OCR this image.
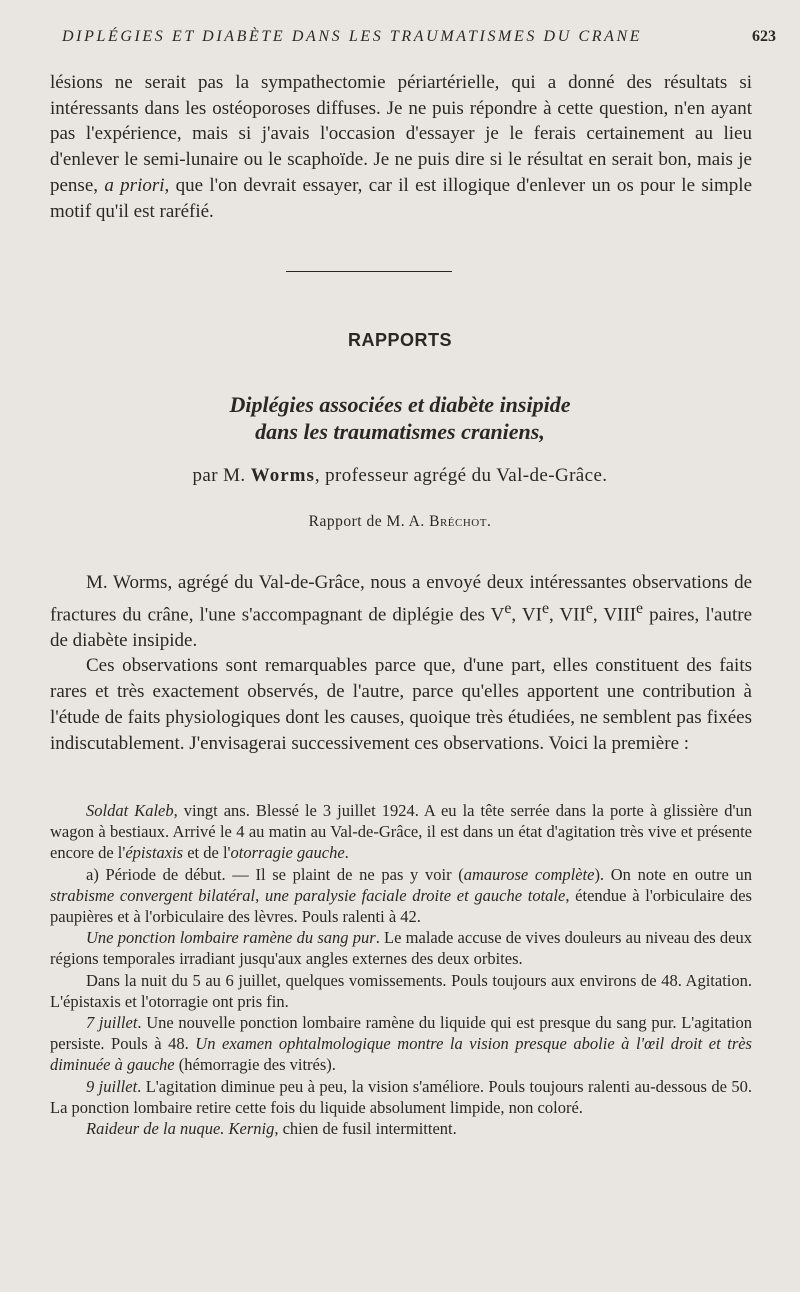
DIPLÉGIES ET DIABÈTE DANS LES TRAUMATISMES DU CRANE	623

lésions ne serait pas la sympathectomie périartérielle, qui a donné des résultats si intéressants dans les ostéoporoses diffuses. Je ne puis répondre à cette question, n'en ayant pas l'expérience, mais si j'avais l'occasion d'essayer je le ferais certainement au lieu d'enlever le semi-lunaire ou le scaphoïde. Je ne puis dire si le résultat en serait bon, mais je pense, a priori, que l'on devrait essayer, car il est illogique d'enlever un os pour le simple motif qu'il est raréfié.

RAPPORTS
Diplégies associées et diabète insipide
dans les traumatismes craniens,
par M. Worms, professeur agrégé du Val-de-Grâce.
Rapport de M. A. Bréchot.

M. Worms, agrégé du Val-de-Grâce, nous a envoyé deux intéressantes observations de fractures du crâne, l'une s'accompagnant de diplégie des Ve, VIe, VIIe, VIIIe paires, l'autre de diabète insipide.

Ces observations sont remarquables parce que, d'une part, elles constituent des faits rares et très exactement observés, de l'autre, parce qu'elles apportent une contribution à l'étude de faits physiologiques dont les causes, quoique très étudiées, ne semblent pas fixées indiscutablement. J'envisagerai successivement ces observations. Voici la première :

Soldat Kaleb, vingt ans. Blessé le 3 juillet 1924. A eu la tête serrée dans la porte à glissière d'un wagon à bestiaux. Arrivé le 4 au matin au Val-de-Grâce, il est dans un état d'agitation très vive et présente encore de l'épistaxis et de l'otorragie gauche.

a) Période de début. — Il se plaint de ne pas y voir (amaurose complète). On note en outre un strabisme convergent bilatéral, une paralysie faciale droite et gauche totale, étendue à l'orbiculaire des paupières et à l'orbiculaire des lèvres. Pouls ralenti à 42.

Une ponction lombaire ramène du sang pur. Le malade accuse de vives douleurs au niveau des deux régions temporales irradiant jusqu'aux angles externes des deux orbites.

Dans la nuit du 5 au 6 juillet, quelques vomissements. Pouls toujours aux environs de 48. Agitation. L'épistaxis et l'otorragie ont pris fin.

7 juillet. Une nouvelle ponction lombaire ramène du liquide qui est presque du sang pur. L'agitation persiste. Pouls à 48. Un examen ophtalmologique montre la vision presque abolie à l'œil droit et très diminuée à gauche (hémorragie des vitrés).

9 juillet. L'agitation diminue peu à peu, la vision s'améliore. Pouls toujours ralenti au-dessous de 50. La ponction lombaire retire cette fois du liquide absolument limpide, non coloré.

Raideur de la nuque. Kernig, chien de fusil intermittent.
